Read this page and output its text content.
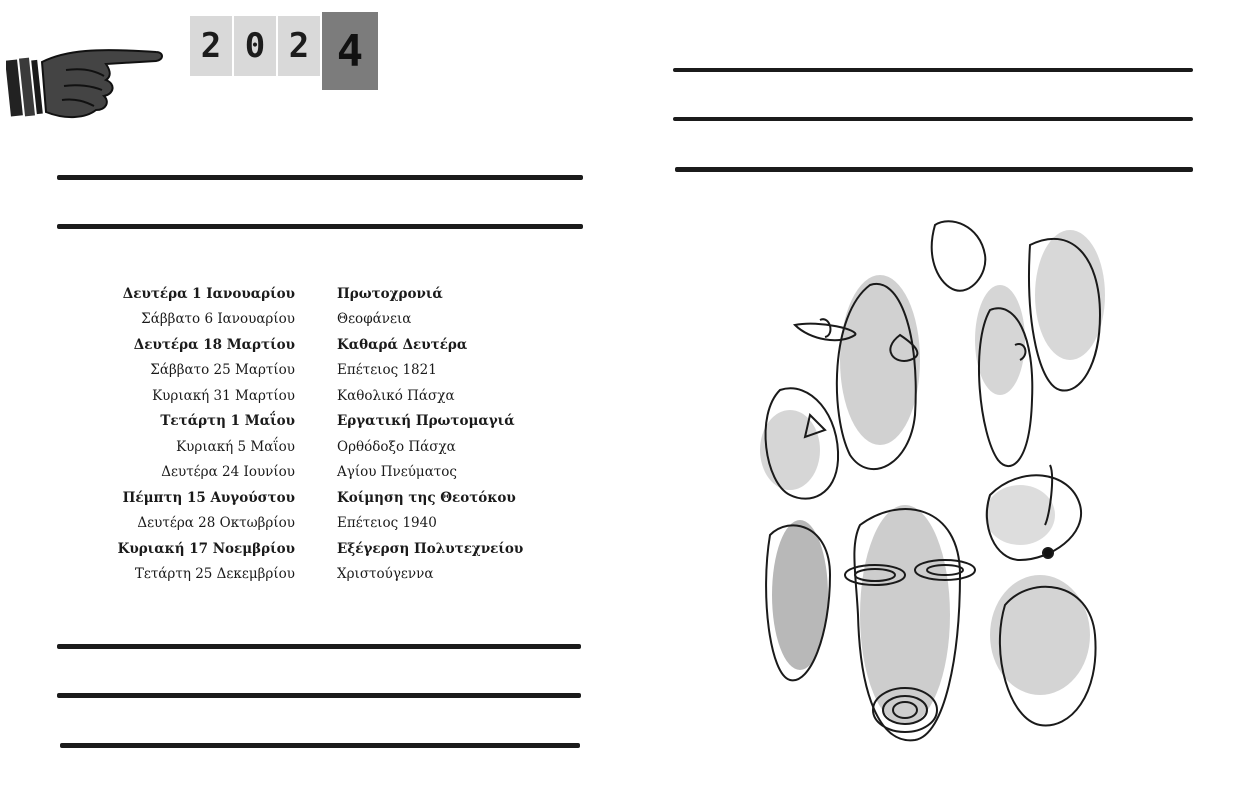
2 0 2 4
Δευτέρα 1 Ιανουαρίου	Πρωτοχρονιά
Σάββατο 6 Ιανουαρίου	Θεοφάνεια
Δευτέρα 18 Μαρτίου	Καθαρά Δευτέρα
Σάββατο 25 Μαρτίου	Επέτειος 1821
Κυριακή 31 Μαρτίου	Καθολικό Πάσχα
Τετάρτη 1 Μαΐου	Εργατική Πρωτομαγιά
Κυριακή 5 Μαΐου	Ορθόδοξο Πάσχα
Δευτέρα 24 Ιουνίου	Αγίου Πνεύματος
Πέμπτη 15 Αυγούστου	Κοίμηση της Θεοτόκου
Δευτέρα 28 Οκτωβρίου	Επέτειος 1940
Κυριακή 17 Νοεμβρίου	Εξέγερση Πολυτεχνείου
Τετάρτη 25 Δεκεμβρίου	Χριστούγεννα
